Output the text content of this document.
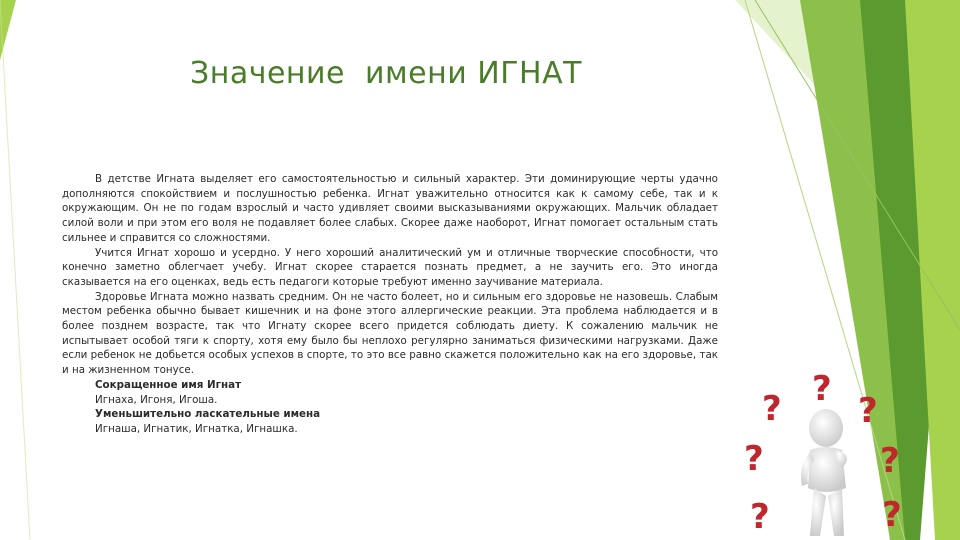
Значение  имени ИГНАТ

В детстве Игната выделяет его самостоятельностью и сильный характер. Эти доминирующие черты удачно дополняются спокойствием и послушностью ребенка. Игнат уважительно относится как к самому себе, так и к окружающим. Он не по годам взрослый и часто удивляет своими высказываниями окружающих. Мальчик обладает силой воли и при этом его воля не подавляет более слабых. Скорее даже наоборот, Игнат помогает остальным стать сильнее и справится со сложностями.

Учится Игнат хорошо и усердно. У него хороший аналитический ум и отличные творческие способности, что конечно заметно облегчает учебу. Игнат скорее старается познать предмет, а не заучить его. Это иногда сказывается на его оценках, ведь есть педагоги которые требуют именно заучивание материала.

Здоровье Игната можно назвать средним. Он не часто болеет, но и сильным его здоровье не назовешь. Слабым местом ребенка обычно бывает кишечник и на фоне этого аллергические реакции. Эта проблема наблюдается и в более позднем возрасте, так что Игнату скорее всего придется соблюдать диету. К сожалению мальчик не испытывает особой тяги к спорту, хотя ему было бы неплохо регулярно заниматься физическими нагрузками. Даже если ребенок не добьется особых успехов в спорте, то это все равно скажется положительно как на его здоровье, так и на жизненном тонусе.

Сокращенное имя Игнат
Игнаха, Игоня, Игоша.
Уменьшительно ласкательные имена
Игнаша, Игнатик, Игнатка, Игнашка.	? ?
?
?	?
?	?
